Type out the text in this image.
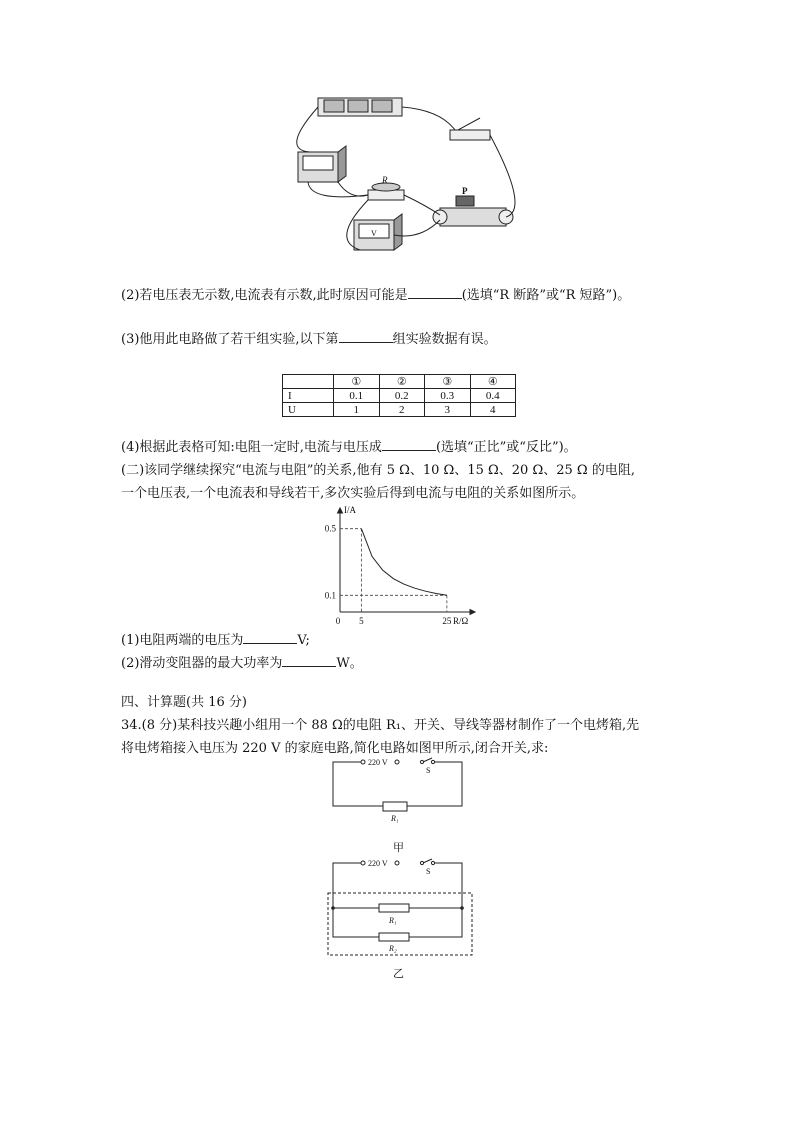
R
P
V
(2)若电压表无示数,电流表有示数,此时原因可能是	(选填“R 断路”或“R 短路”)。
(3)他用此电路做了若干组实验,以下第	组实验数据有误。
	①	②	③	④
I	0.1	0.2	0.3	0.4
U	1	2	3	4
(4)根据此表格可知:电阻一定时,电流与电压成	(选填“正比”或“反比”)。
(二)该同学继续探究“电流与电阻”的关系,他有 5 Ω、10 Ω、15 Ω、20 Ω、25 Ω 的电阻,
一个电压表,一个电流表和导线若干,多次实验后得到电流与电阻的关系如图所示。
I/A
R/Ω
0 5	25
0.5
0.1
(1)电阻两端的电压为	V;
(2)滑动变阻器的最大功率为	W。
四、计算题(共 16 分)
34.(8 分)某科技兴趣小组用一个 88 Ω的电阻 R₁、开关、导线等器材制作了一个电烤箱,先
将电烤箱接入电压为 220 V 的家庭电路,简化电路如图甲所示,闭合开关,求:
220 V
S
R₁
甲
220 V
S
R₁
R₂
乙
